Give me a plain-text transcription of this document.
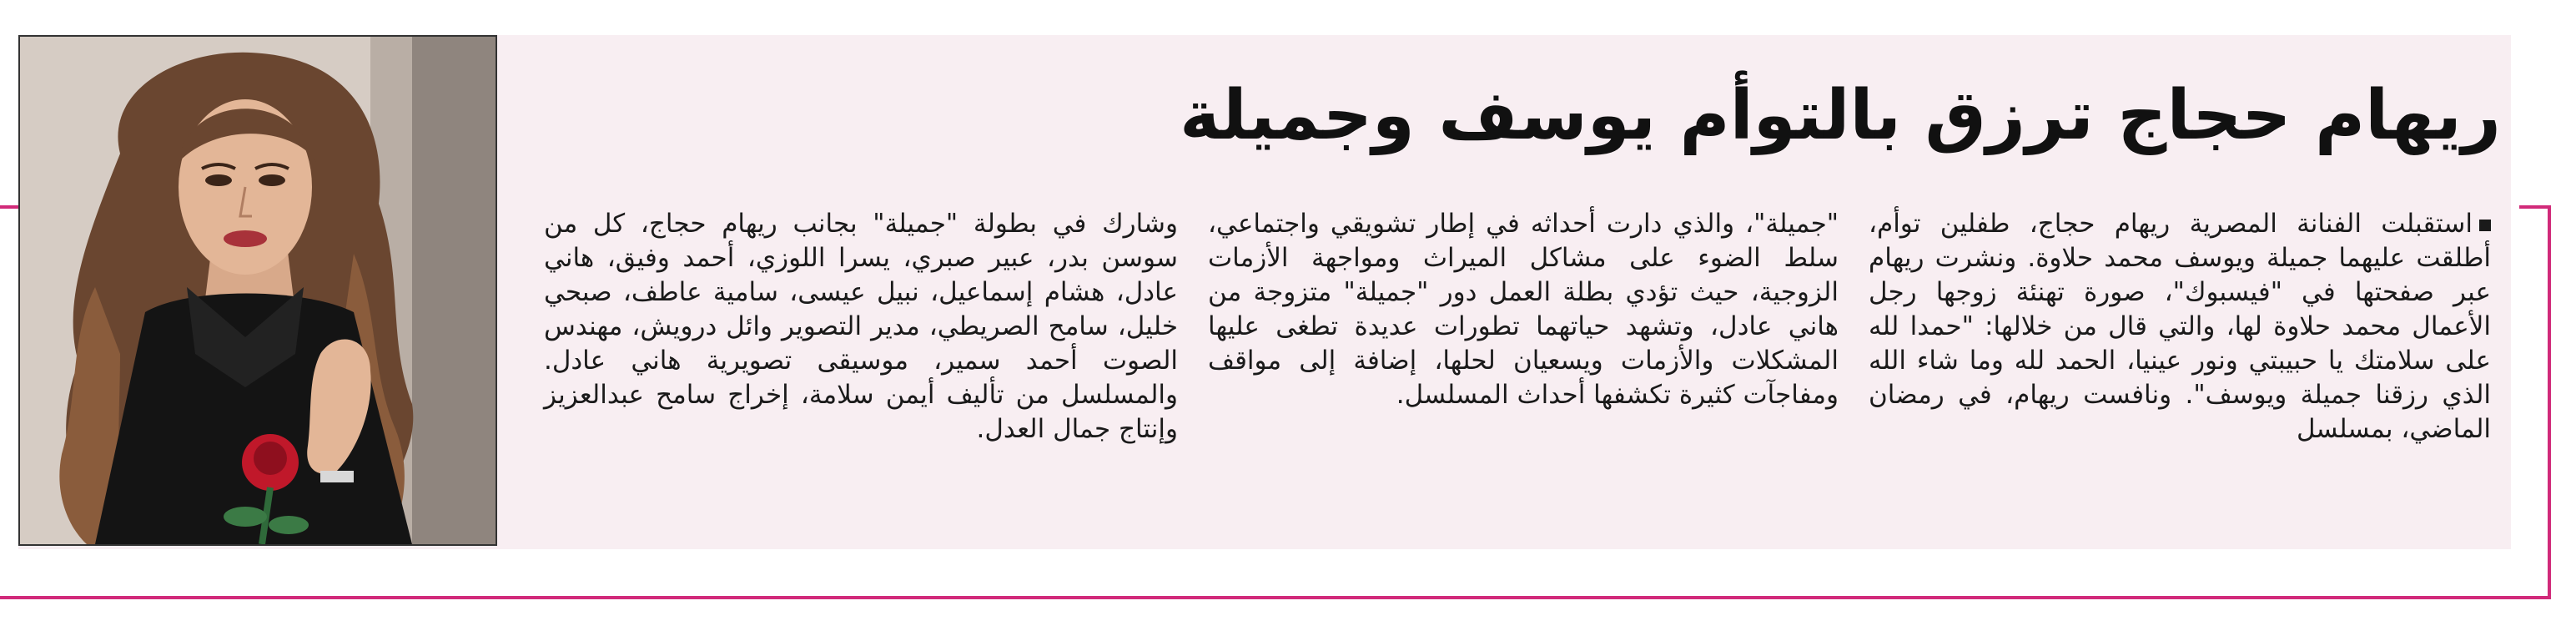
ريهام حجاج ترزق بالتوأم يوسف وجميلة

استقبلت الفنانة المصرية ريهام حجاج، طفلين توأم، أطلقت عليهما جميلة ويوسف محمد حلاوة. ونشرت ريهام عبر صفحتها في "فيسبوك"، صورة تهنئة زوجها رجل الأعمال محمد حلاوة لها، والتي قال من خلالها: "حمدا لله على سلامتك يا حبيبتي ونور عينيا، الحمد لله وما شاء الله الذي رزقنا جميلة ويوسف". ونافست ريهام، في رمضان الماضي، بمسلسل

"جميلة"، والذي دارت أحداثه في إطار تشويقي واجتماعي، سلط الضوء على مشاكل الميراث ومواجهة الأزمات الزوجية، حيث تؤدي بطلة العمل دور "جميلة" متزوجة من هاني عادل، وتشهد حياتهما تطورات عديدة تطغى عليها المشكلات والأزمات ويسعيان لحلها، إضافة إلى مواقف ومفاجآت كثيرة تكشفها أحداث المسلسل.

وشارك في بطولة "جميلة" بجانب ريهام حجاج، كل من سوسن بدر، عبير صبري، يسرا اللوزي، أحمد وفيق، هاني عادل، هشام إسماعيل، نبيل عيسى، سامية عاطف، صبحي خليل، سامح الصريطي، مدير التصوير وائل درويش، مهندس الصوت أحمد سمير، موسيقى تصويرية هاني عادل. والمسلسل من تأليف أيمن سلامة، إخراج سامح عبدالعزيز وإنتاج جمال العدل.
